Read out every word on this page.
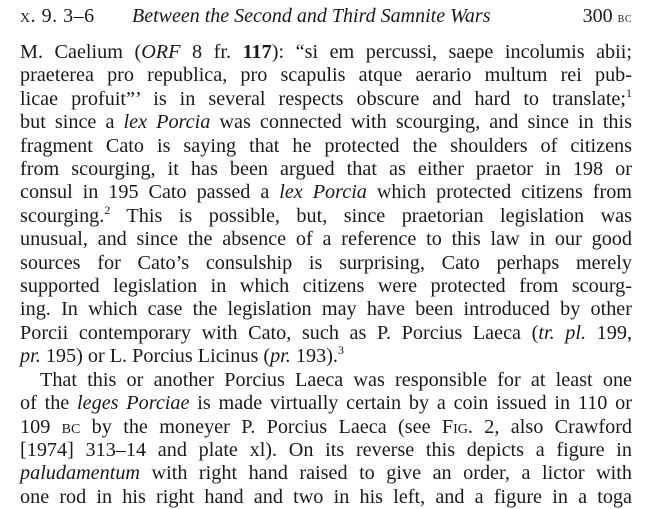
x. 9. 3–6 Between the Second and Third Samnite Wars	300 bc
M. Caelium (ORF 8 fr. 117): “si em percussi, saepe incolumis abii;
praeterea pro republica, pro scapulis atque aerario multum rei pub-
licae profuit”’ is in several respects obscure and hard to translate;$^1$
but since a lex Porcia was connected with scourging, and since in this
fragment Cato is saying that he protected the shoulders of citizens
from scourging, it has been argued that as either praetor in 198 or
consul in 195 Cato passed a lex Porcia which protected citizens from
scourging.$^2$ This is possible, but, since praetorian legislation was
unusual, and since the absence of a reference to this law in our good
sources for Cato’s consulship is surprising, Cato perhaps merely
supported legislation in which citizens were protected from scourg-
ing. In which case the legislation may have been introduced by other
Porcii contemporary with Cato, such as P. Porcius Laeca (tr. pl. 199,
pr. 195) or L. Porcius Licinus (pr. 193).$^3$
That this or another Porcius Laeca was responsible for at least one
of the leges Porciae is made virtually certain by a coin issued in 110 or
109 bc by the moneyer P. Porcius Laeca (see Fig. 2, also Crawford
[1974] 313–14 and plate xl). On its reverse this depicts a figure in
paludamentum with right hand raised to give an order, a lictor with
one rod in his right hand and two in his left, and a figure in a toga
